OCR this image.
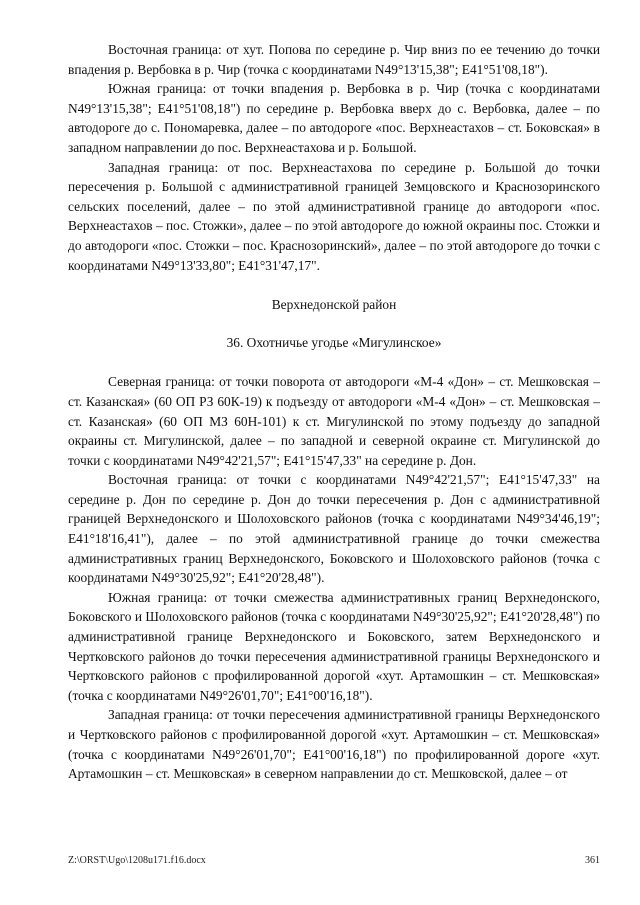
Восточная граница: от хут. Попова по середине р. Чир вниз по ее течению до точки впадения р. Вербовка в р. Чир (точка с координатами N49°13'15,38"; E41°51'08,18").

Южная граница: от точки впадения р. Вербовка в р. Чир (точка с координатами N49°13'15,38"; E41°51'08,18") по середине р. Вербовка вверх до с. Вербовка, далее – по автодороге до с. Пономаревка, далее – по автодороге «пос. Верхнеастахов – ст. Боковская» в западном направлении до пос. Верхнеастахова и р. Большой.

Западная граница: от пос. Верхнеастахова по середине р. Большой до точки пересечения р. Большой с административной границей Земцовского и Краснозоринского сельских поселений, далее – по этой административной границе до автодороги «пос. Верхнеастахов – пос. Стожки», далее – по этой автодороге до южной окраины пос. Стожки и до автодороги «пос. Стожки – пос. Краснозоринский», далее – по этой автодороге до точки с координатами N49°13'33,80"; E41°31'47,17".

Верхнедонской район

36. Охотничье угодье «Мигулинское»

Северная граница: от точки поворота от автодороги «М-4 «Дон» – ст. Мешковская – ст. Казанская» (60 ОП РЗ 60К-19) к подъезду от автодороги «М-4 «Дон» – ст. Мешковская – ст. Казанская» (60 ОП МЗ 60Н-101) к ст. Мигулинской по этому подъезду до западной окраины ст. Мигулинской, далее – по западной и северной окраине ст. Мигулинской до точки с координатами N49°42'21,57"; E41°15'47,33" на середине р. Дон.

Восточная граница: от точки с координатами N49°42'21,57"; E41°15'47,33" на середине р. Дон по середине р. Дон до точки пересечения р. Дон с административной границей Верхнедонского и Шолоховского районов (точка с координатами N49°34'46,19"; E41°18'16,41"), далее – по этой административной границе до точки смежества административных границ Верхнедонского, Боковского и Шолоховского районов (точка с координатами N49°30'25,92"; E41°20'28,48").

Южная граница: от точки смежества административных границ Верхнедонского, Боковского и Шолоховского районов (точка с координатами N49°30'25,92"; E41°20'28,48") по административной границе Верхнедонского и Боковского, затем Верхнедонского и Чертковского районов до точки пересечения административной границы Верхнедонского и Чертковского районов с профилированной дорогой «хут. Артамошкин – ст. Мешковская» (точка с координатами N49°26'01,70"; E41°00'16,18").

Западная граница: от точки пересечения административной границы Верхнедонского и Чертковского районов с профилированной дорогой «хут. Артамошкин – ст. Мешковская» (точка с координатами N49°26'01,70"; E41°00'16,18") по профилированной дороге «хут. Артамошкин – ст. Мешковская» в северном направлении до ст. Мешковской, далее – от

Z:\ORST\Ugo\1208u171.f16.docx	361
